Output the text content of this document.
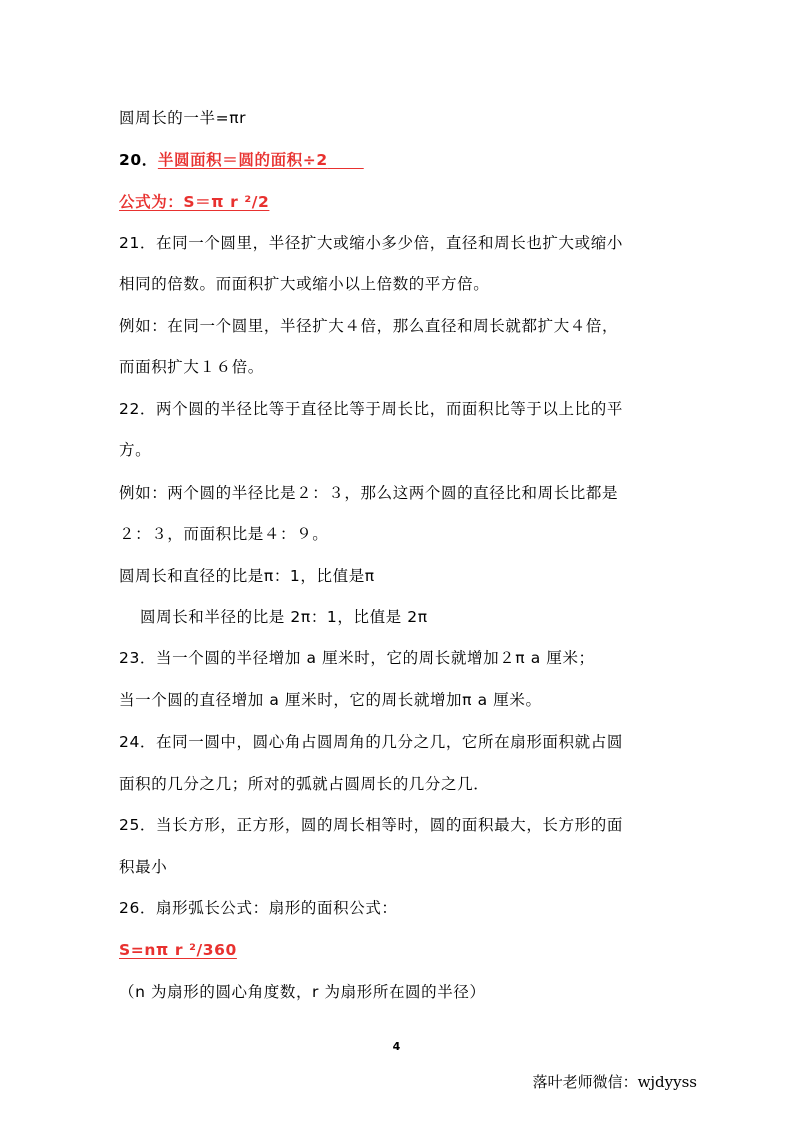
圆周长的一半=πr
20．半圆面积＝圆的面积÷2
公式为：S＝π r ²/2
21．在同一个圆里，半径扩大或缩小多少倍，直径和周长也扩大或缩小
相同的倍数。而面积扩大或缩小以上倍数的平方倍。
例如：在同一个圆里，半径扩大４倍，那么直径和周长就都扩大４倍，
而面积扩大１６倍。
22．两个圆的半径比等于直径比等于周长比，而面积比等于以上比的平
方。
例如：两个圆的半径比是２：３，那么这两个圆的直径比和周长比都是
２：３，而面积比是４：９。
圆周长和直径的比是π：1，比值是π
圆周长和半径的比是 2π：1，比值是 2π
23．当一个圆的半径增加 a 厘米时，它的周长就增加２π a 厘米；
当一个圆的直径增加 a 厘米时，它的周长就增加π a 厘米。
24．在同一圆中，圆心角占圆周角的几分之几，它所在扇形面积就占圆
面积的几分之几；所对的弧就占圆周长的几分之几．
25．当长方形，正方形，圆的周长相等时，圆的面积最大，长方形的面
积最小
26．扇形弧长公式：扇形的面积公式：
S=nπ r ²/360
（n 为扇形的圆心角度数，r 为扇形所在圆的半径）
4
落叶老师微信：wjdyyss
